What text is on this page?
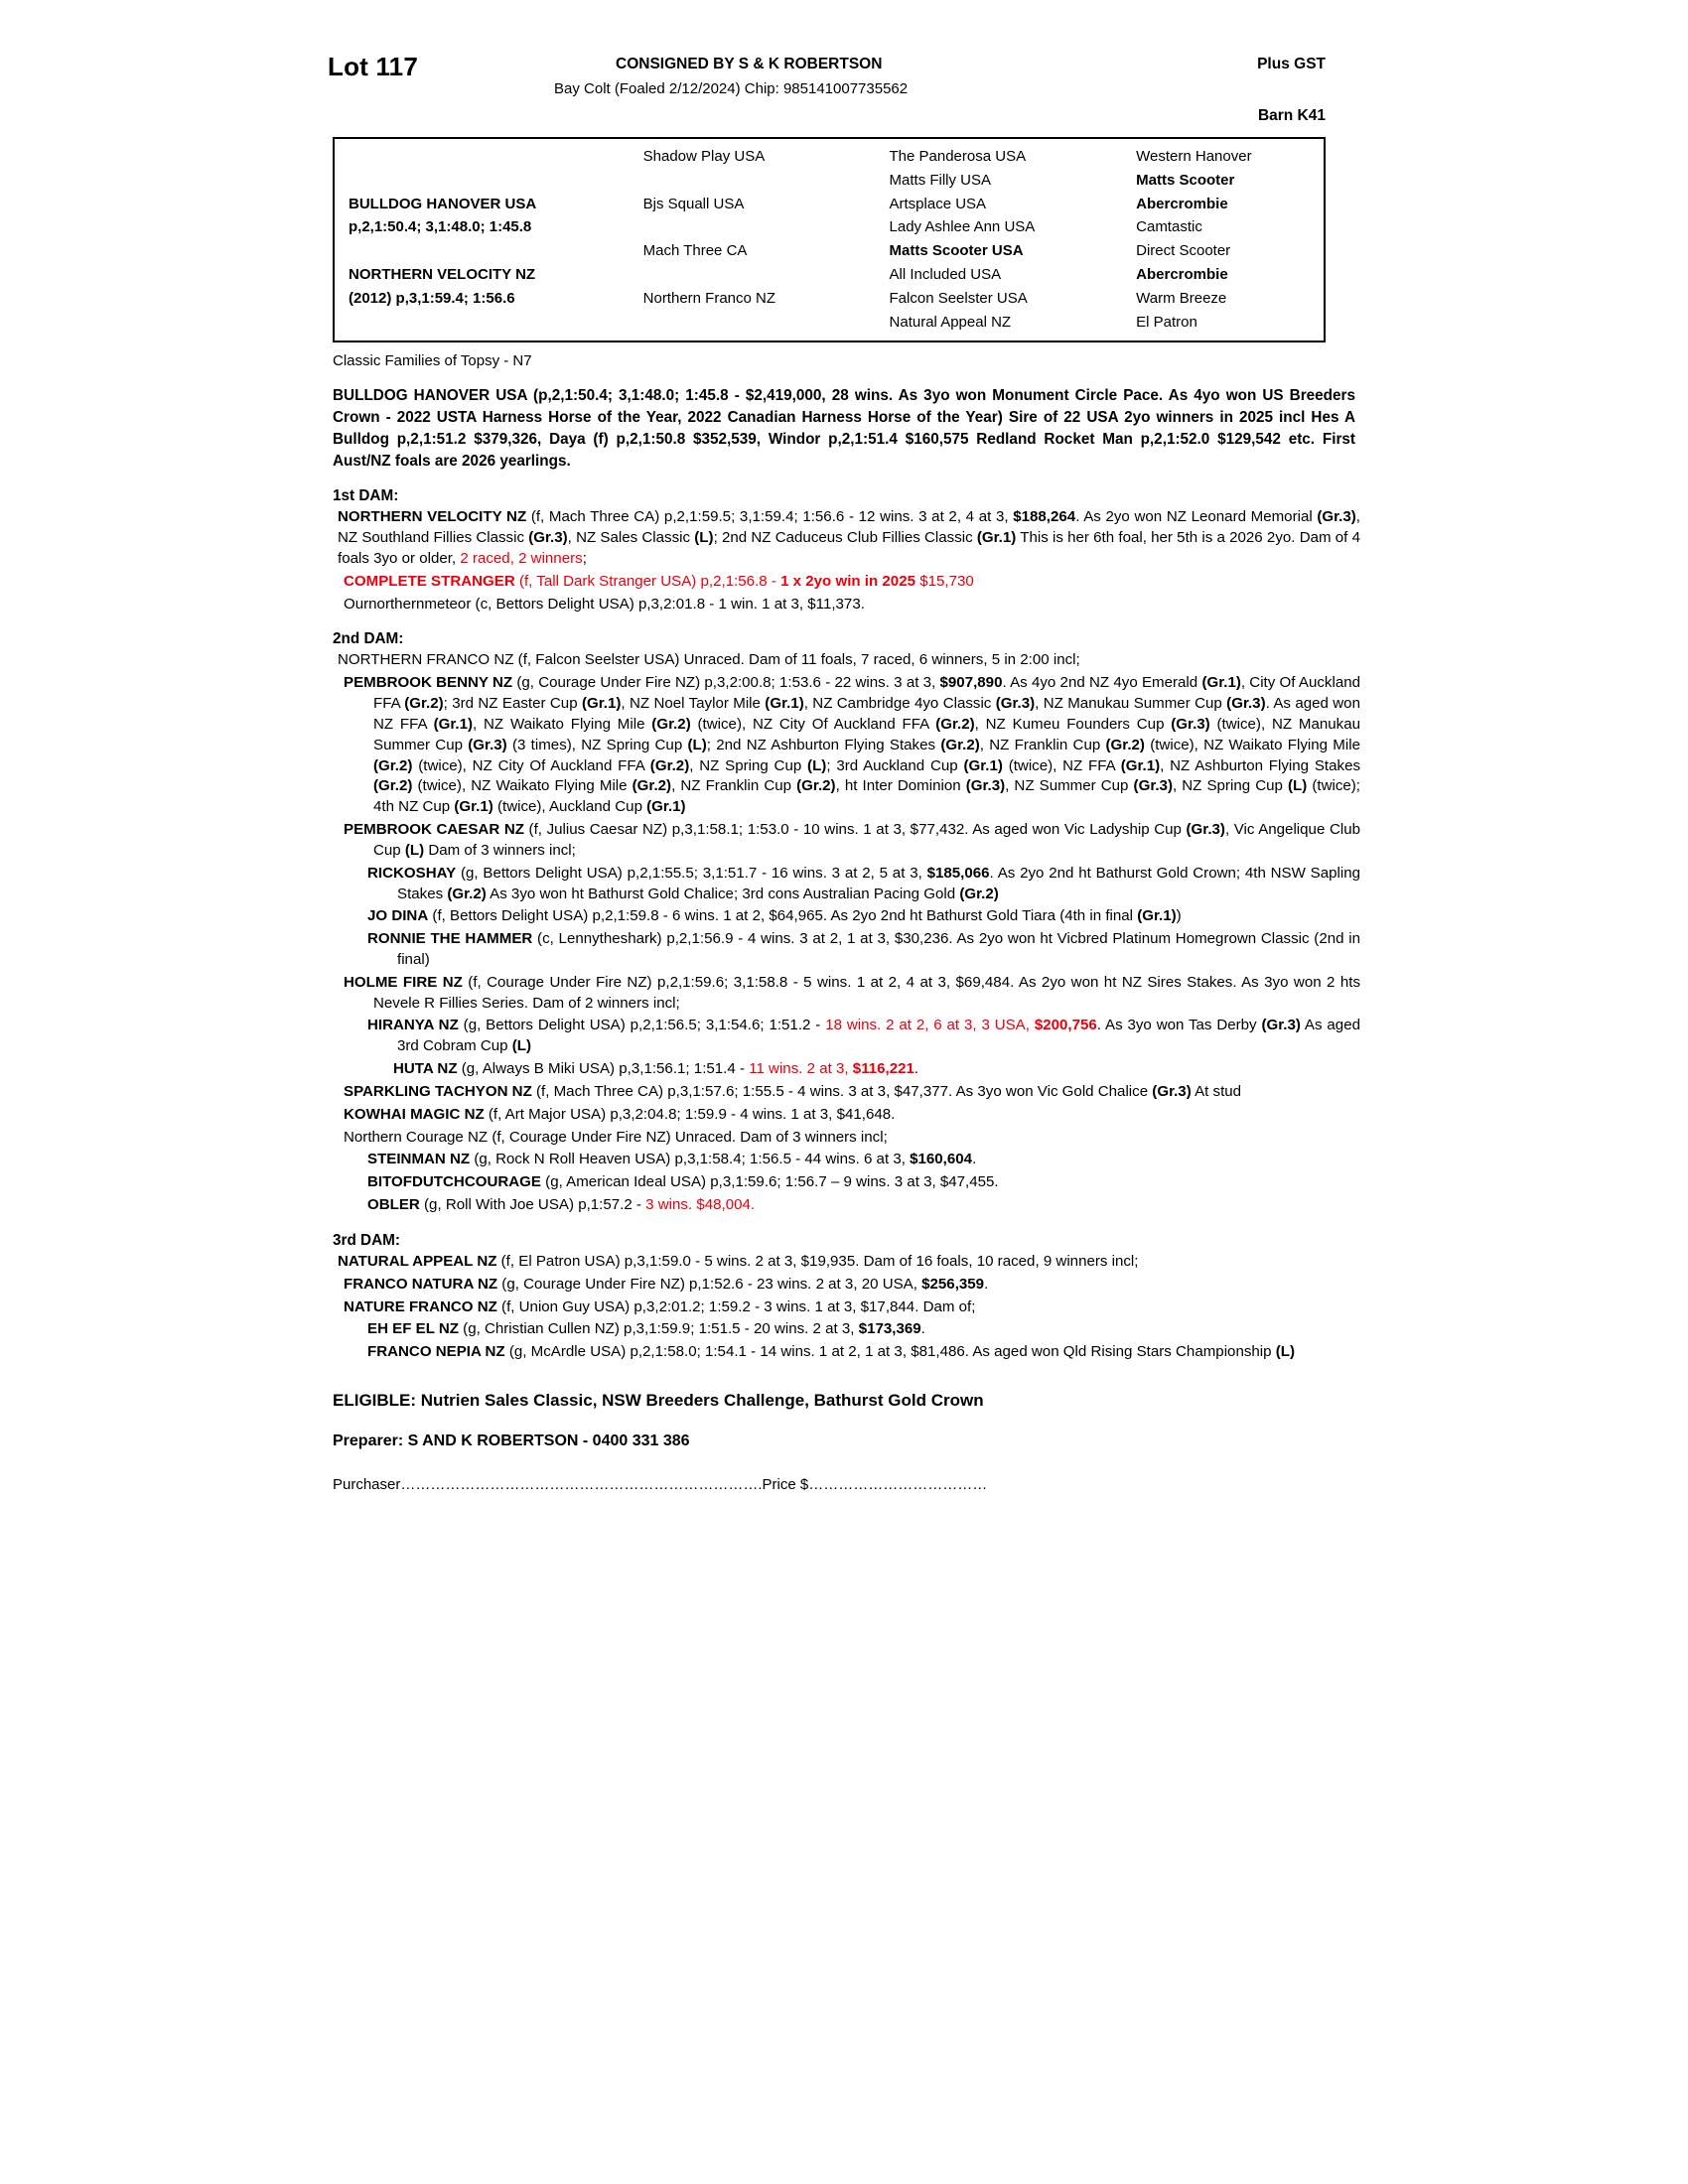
Lot 117	CONSIGNED BY S & K ROBERTSON
Bay Colt (Foaled 2/12/2024) Chip: 985141007735562
Plus GST
Barn K41
	Shadow Play USA	The Panderosa USA	Western Hanover
		Matts Filly USA	Matts Scooter
BULLDOG HANOVER USA	Bjs Squall USA	Artsplace USA	Abercrombie
p,2,1:50.4; 3,1:48.0; 1:45.8		Lady Ashlee Ann USA	Camtastic
	Mach Three CA	Matts Scooter USA	Direct Scooter
NORTHERN VELOCITY NZ		All Included USA	Abercrombie
(2012) p,3,1:59.4; 1:56.6	Northern Franco NZ	Falcon Seelster USA	Warm Breeze
		Natural Appeal NZ	El Patron
Classic Families of Topsy - N7
BULLDOG HANOVER USA (p,2,1:50.4; 3,1:48.0; 1:45.8 - $2,419,000, 28 wins. As 3yo won Monument Circle Pace. As 4yo won US Breeders Crown - 2022 USTA Harness Horse of the Year, 2022 Canadian Harness Horse of the Year) Sire of 22 USA 2yo winners in 2025 incl Hes A Bulldog p,2,1:51.2 $379,326, Daya (f) p,2,1:50.8 $352,539, Windor p,2,1:51.4 $160,575 Redland Rocket Man p,2,1:52.0 $129,542 etc. First Aust/NZ foals are 2026 yearlings.
1st DAM:

NORTHERN VELOCITY NZ (f, Mach Three CA) p,2,1:59.5; 3,1:59.4; 1:56.6 - 12 wins. 3 at 2, 4 at 3, $188,264. As 2yo won NZ Leonard Memorial (Gr.3), NZ Southland Fillies Classic (Gr.3), NZ Sales Classic (L); 2nd NZ Caduceus Club Fillies Classic (Gr.1) This is her 6th foal, her 5th is a 2026 2yo. Dam of 4 foals 3yo or older, 2 raced, 2 winners;

COMPLETE STRANGER (f, Tall Dark Stranger USA) p,2,1:56.8 - 1 x 2yo win in 2025 $15,730

Ournorthernmeteor (c, Bettors Delight USA) p,3,2:01.8 - 1 win. 1 at 3, $11,373.

2nd DAM:

NORTHERN FRANCO NZ (f, Falcon Seelster USA) Unraced. Dam of 11 foals, 7 raced, 6 winners, 5 in 2:00 incl;

PEMBROOK BENNY NZ (g, Courage Under Fire NZ) p,3,2:00.8; 1:53.6 - 22 wins. 3 at 3, $907,890. As 4yo 2nd NZ 4yo Emerald (Gr.1), City Of Auckland FFA (Gr.2); 3rd NZ Easter Cup (Gr.1), NZ Noel Taylor Mile (Gr.1), NZ Cambridge 4yo Classic (Gr.3), NZ Manukau Summer Cup (Gr.3). As aged won NZ FFA (Gr.1), NZ Waikato Flying Mile (Gr.2) (twice), NZ City Of Auckland FFA (Gr.2), NZ Kumeu Founders Cup (Gr.3) (twice), NZ Manukau Summer Cup (Gr.3) (3 times), NZ Spring Cup (L); 2nd NZ Ashburton Flying Stakes (Gr.2), NZ Franklin Cup (Gr.2) (twice), NZ Waikato Flying Mile (Gr.2) (twice), NZ City Of Auckland FFA (Gr.2), NZ Spring Cup (L); 3rd Auckland Cup (Gr.1) (twice), NZ FFA (Gr.1), NZ Ashburton Flying Stakes (Gr.2) (twice), NZ Waikato Flying Mile (Gr.2), NZ Franklin Cup (Gr.2), ht Inter Dominion (Gr.3), NZ Summer Cup (Gr.3), NZ Spring Cup (L) (twice); 4th NZ Cup (Gr.1) (twice), Auckland Cup (Gr.1)

PEMBROOK CAESAR NZ (f, Julius Caesar NZ) p,3,1:58.1; 1:53.0 - 10 wins. 1 at 3, $77,432. As aged won Vic Ladyship Cup (Gr.3), Vic Angelique Club Cup (L) Dam of 3 winners incl;

RICKOSHAY (g, Bettors Delight USA) p,2,1:55.5; 3,1:51.7 - 16 wins. 3 at 2, 5 at 3, $185,066. As 2yo 2nd ht Bathurst Gold Crown; 4th NSW Sapling Stakes (Gr.2) As 3yo won ht Bathurst Gold Chalice; 3rd cons Australian Pacing Gold (Gr.2)

JO DINA (f, Bettors Delight USA) p,2,1:59.8 - 6 wins. 1 at 2, $64,965. As 2yo 2nd ht Bathurst Gold Tiara (4th in final (Gr.1))

RONNIE THE HAMMER (c, Lennytheshark) p,2,1:56.9 - 4 wins. 3 at 2, 1 at 3, $30,236. As 2yo won ht Vicbred Platinum Homegrown Classic (2nd in final)

HOLME FIRE NZ (f, Courage Under Fire NZ) p,2,1:59.6; 3,1:58.8 - 5 wins. 1 at 2, 4 at 3, $69,484. As 2yo won ht NZ Sires Stakes. As 3yo won 2 hts Nevele R Fillies Series. Dam of 2 winners incl;

HIRANYA NZ (g, Bettors Delight USA) p,2,1:56.5; 3,1:54.6; 1:51.2 - 18 wins. 2 at 2, 6 at 3, 3 USA, $200,756. As 3yo won Tas Derby (Gr.3) As aged 3rd Cobram Cup (L)

HUTA NZ (g, Always B Miki USA) p,3,1:56.1; 1:51.4 - 11 wins. 2 at 3, $116,221.

SPARKLING TACHYON NZ (f, Mach Three CA) p,3,1:57.6; 1:55.5 - 4 wins. 3 at 3, $47,377. As 3yo won Vic Gold Chalice (Gr.3) At stud

KOWHAI MAGIC NZ (f, Art Major USA) p,3,2:04.8; 1:59.9 - 4 wins. 1 at 3, $41,648.

Northern Courage NZ (f, Courage Under Fire NZ) Unraced. Dam of 3 winners incl;

STEINMAN NZ (g, Rock N Roll Heaven USA) p,3,1:58.4; 1:56.5 - 44 wins. 6 at 3, $160,604.

BITOFDUTCHCOURAGE (g, American Ideal USA) p,3,1:59.6; 1:56.7 – 9 wins. 3 at 3, $47,455.

OBLER (g, Roll With Joe USA) p,1:57.2 - 3 wins. $48,004.

3rd DAM:

NATURAL APPEAL NZ (f, El Patron USA) p,3,1:59.0 - 5 wins. 2 at 3, $19,935. Dam of 16 foals, 10 raced, 9 winners incl;

FRANCO NATURA NZ (g, Courage Under Fire NZ) p,1:52.6 - 23 wins. 2 at 3, 20 USA, $256,359.

NATURE FRANCO NZ (f, Union Guy USA) p,3,2:01.2; 1:59.2 - 3 wins. 1 at 3, $17,844. Dam of;

EH EF EL NZ (g, Christian Cullen NZ) p,3,1:59.9; 1:51.5 - 20 wins. 2 at 3, $173,369.

FRANCO NEPIA NZ (g, McArdle USA) p,2,1:58.0; 1:54.1 - 14 wins. 1 at 2, 1 at 3, $81,486. As aged won Qld Rising Stars Championship (L)

ELIGIBLE: Nutrien Sales Classic, NSW Breeders Challenge, Bathurst Gold Crown
Preparer: S AND K ROBERTSON - 0400 331 386
Purchaser……………………………………………………………….Price $………………………………
